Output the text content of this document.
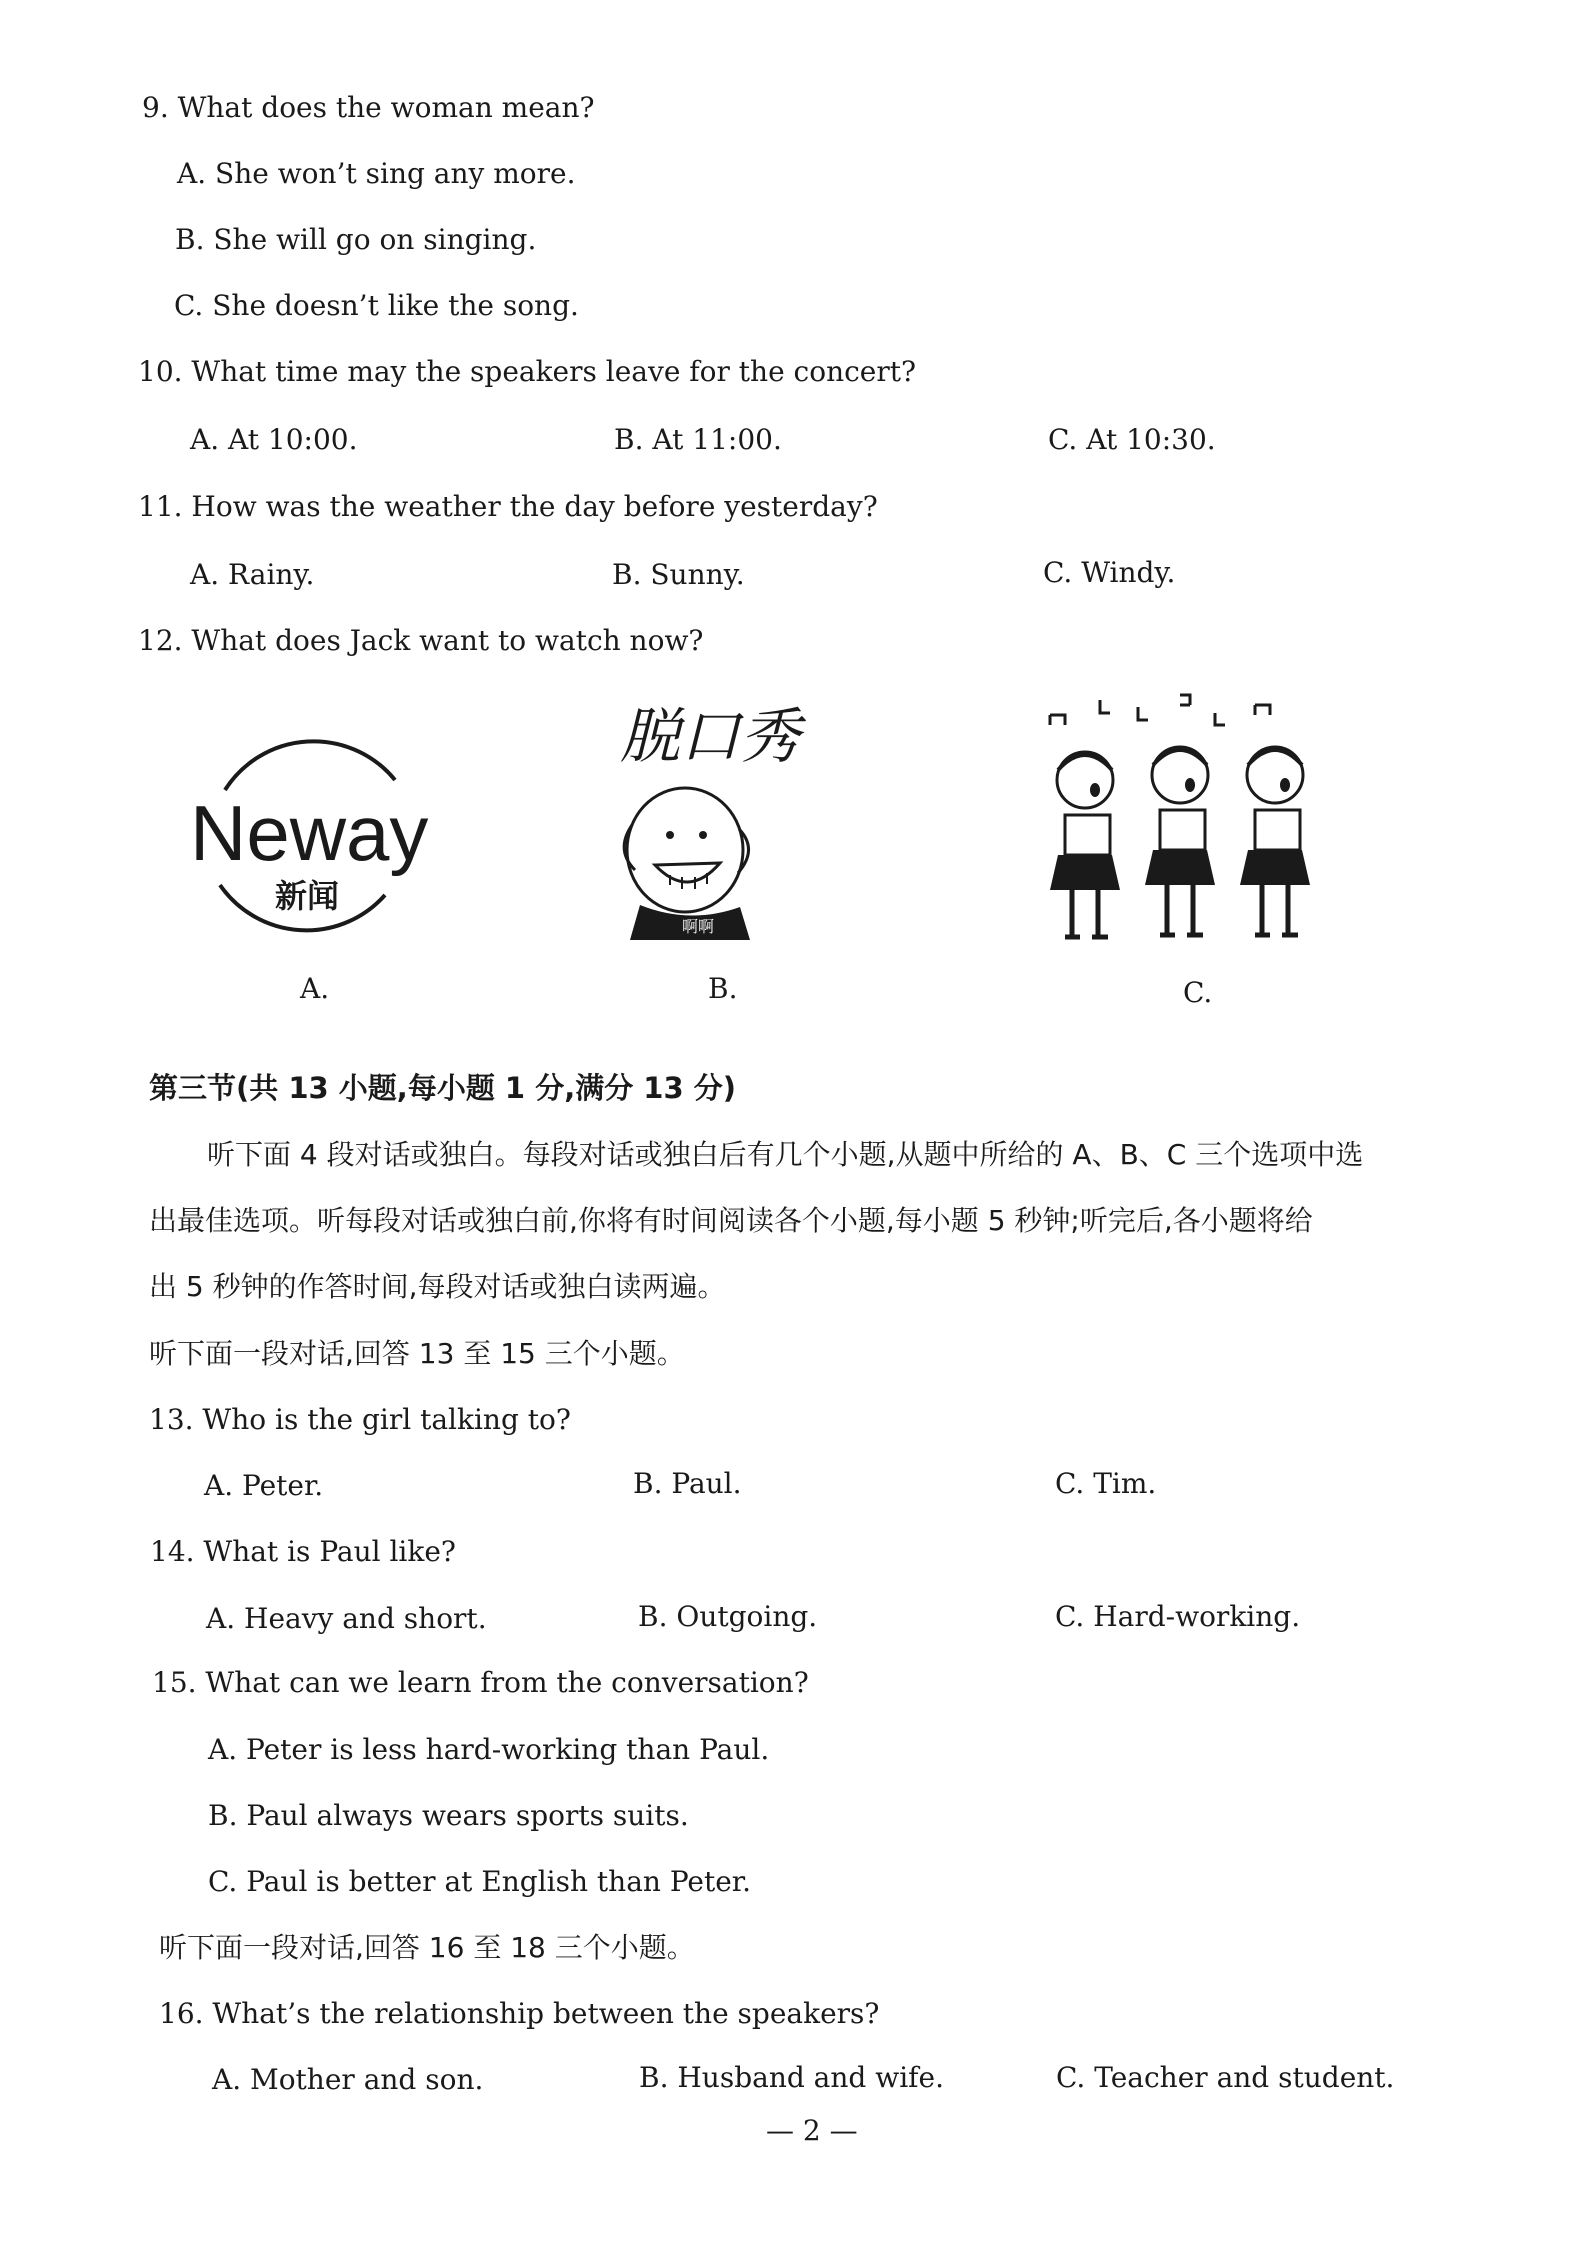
9. What does the woman mean?
A. She won’t sing any more.
B. She will go on singing.
C. She doesn’t like the song.
10. What time may the speakers leave for the concert?
A. At 10:00.	B. At 11:00.	C. At 10:30.
11. How was the weather the day before yesterday?
A. Rainy.	B. Sunny.	C. Windy.
12. What does Jack want to watch now?
Neway
新闻
脱口秀
啊啊
A.	B.	C.
第三节(共 13 小题,每小题 1 分,满分 13 分)
听下面 4 段对话或独白。每段对话或独白后有几个小题,从题中所给的 A、B、C 三个选项中选
出最佳选项。听每段对话或独白前,你将有时间阅读各个小题,每小题 5 秒钟;听完后,各小题将给
出 5 秒钟的作答时间,每段对话或独白读两遍。
听下面一段对话,回答 13 至 15 三个小题。
13. Who is the girl talking to?
A. Peter.	B. Paul.	C. Tim.
14. What is Paul like?
A. Heavy and short.	B. Outgoing.	C. Hard-working.
15. What can we learn from the conversation?
A. Peter is less hard-working than Paul.
B. Paul always wears sports suits.
C. Paul is better at English than Peter.
听下面一段对话,回答 16 至 18 三个小题。
16. What’s the relationship between the speakers?
A. Mother and son.	B. Husband and wife.	C. Teacher and student.
— 2 —
